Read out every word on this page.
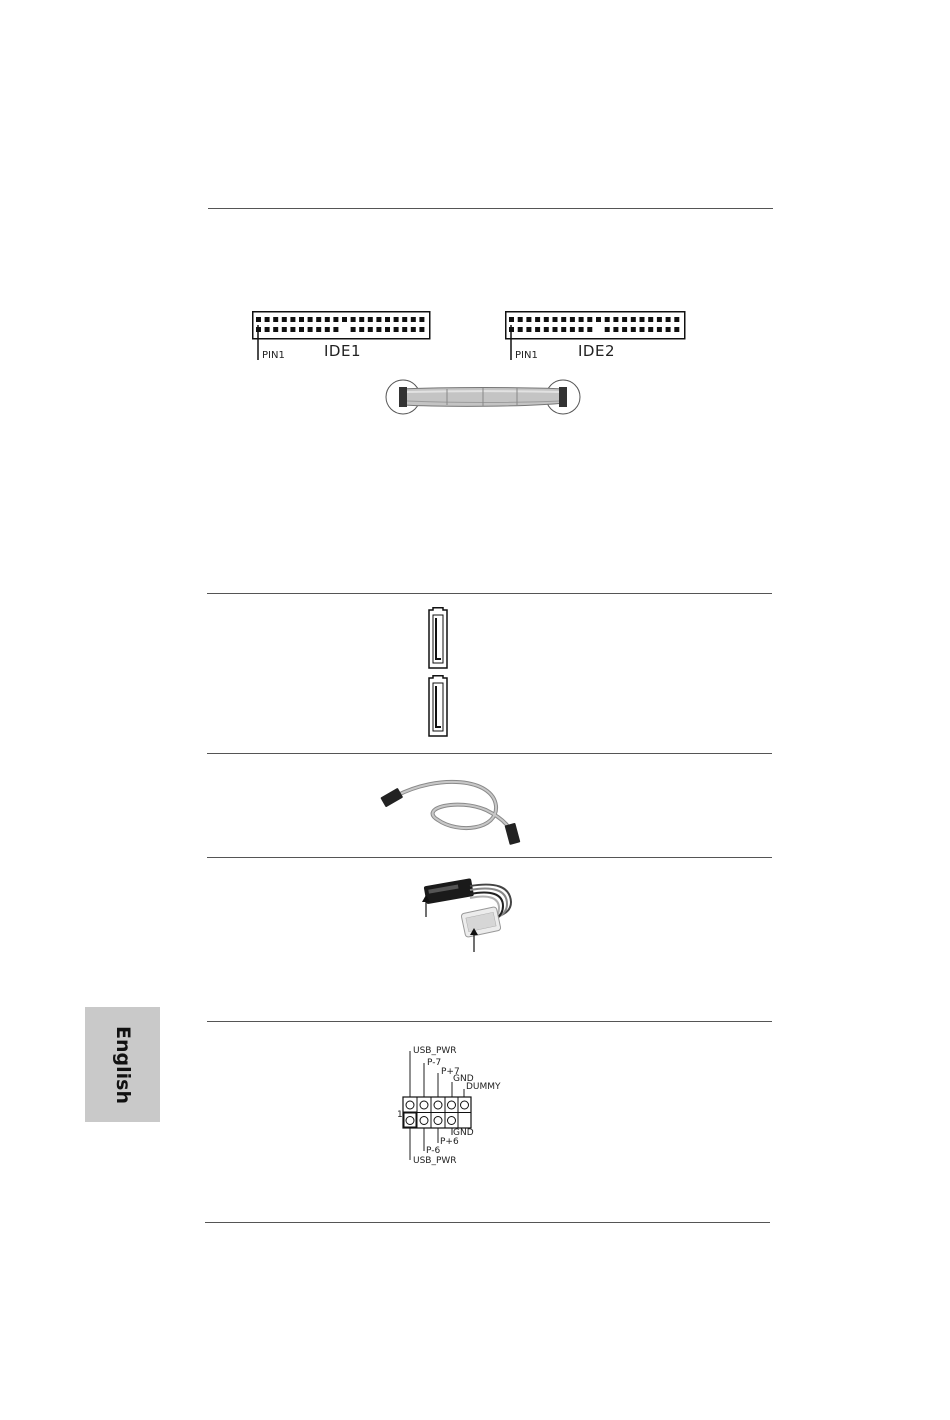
PIN1	IDE1	PIN1	IDE2
USB_PWR
P-7
P+7
GND
DUMMY
1
GND
P+6
P-6
USB_PWR
English
